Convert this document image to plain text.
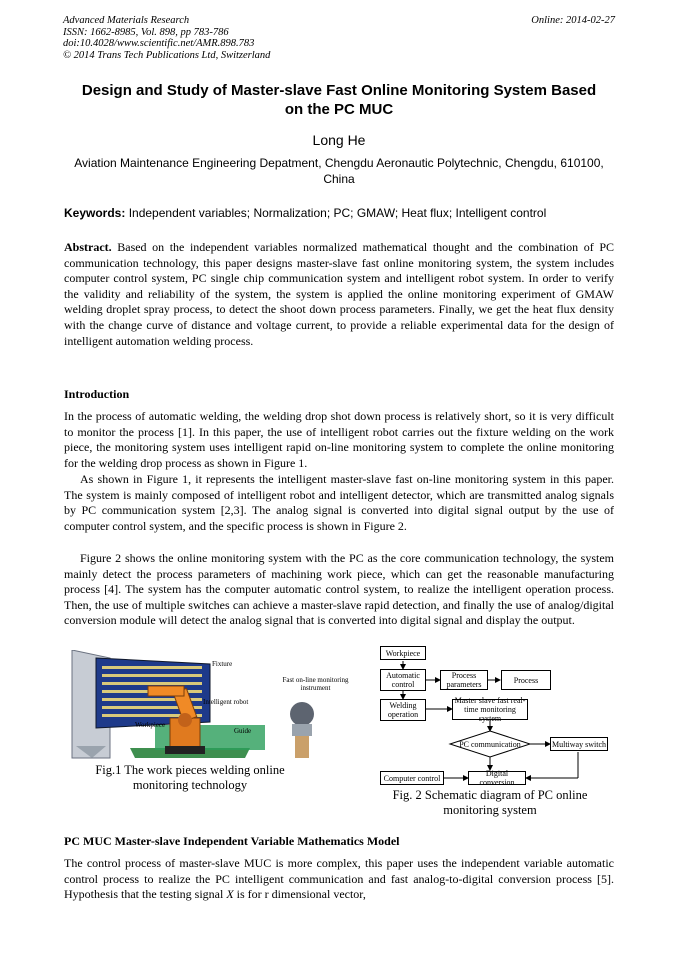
Advanced Materials Research
ISSN: 1662-8985, Vol. 898, pp 783-786
doi:10.4028/www.scientific.net/AMR.898.783
© 2014 Trans Tech Publications Ltd, Switzerland
Online: 2014-02-27
Design and Study of Master-slave Fast Online Monitoring System Based
on the PC MUC
Long He
Aviation Maintenance Engineering Depatment, Chengdu Aeronautic Polytechnic, Chengdu, 610100,
China
Keywords: Independent variables; Normalization; PC; GMAW; Heat flux; Intelligent control
Abstract. Based on the independent variables normalized mathematical thought and the combination of PC communication technology, this paper designs master-slave fast online monitoring system, the system includes computer control system, PC single chip communication system and intelligent robot system. In order to verify the validity and reliability of the system, the system is applied the online monitoring experiment of GMAW welding droplet spray process, to detect the shoot down process parameters. Finally, we get the heat flux density with the change curve of distance and voltage current, to provide a reliable experimental data for the design of intelligent automation welding process.
Introduction
In the process of automatic welding, the welding drop shot down process is relatively short, so it is very difficult to monitor the process [1]. In this paper, the use of intelligent robot carries out the fixture welding on the work piece, the monitoring system uses intelligent rapid on-line monitoring system to complete the online monitoring for the welding drop process as shown in Figure 1.
As shown in Figure 1, it represents the intelligent master-slave fast on-line monitoring system in this paper. The system is mainly composed of intelligent robot and intelligent detector, which are transmitted analog signals by PC communication system [2,3]. The analog signal is converted into digital signal output by the use of computer control system, and the specific process is shown in Figure 2.
Figure 2 shows the online monitoring system with the PC as the core communication technology, the system mainly detect the process parameters of machining work piece, which can get the reasonable manufacturing process [4]. The system has the computer automatic control system, to realize the intelligent operation process. Then, the use of multiple switches can achieve a master-slave rapid detection, and finally the use of analog/digital conversion module will detect the analog signal that is converted into digital signal and display the output.
Fixture
Fast on-line monitoring instrument
Intelligent robot
Workpiece
Guide
Fig.1 The work pieces welding online
monitoring technology
Workpiece
Automatic control
Process parameters	Process
Welding operation
Master slave fast real-time monitoring system
PC communication	Multiway switch
Computer control	Digital conversion
Fig. 2 Schematic diagram of PC online
monitoring system
PC MUC Master-slave Independent Variable Mathematics Model
The control process of master-slave MUC is more complex, this paper uses the independent variable automatic control process to realize the PC intelligent communication and fast analog-to-digital conversion process [5]. Hypothesis that the testing signal X is for r dimensional vector,
